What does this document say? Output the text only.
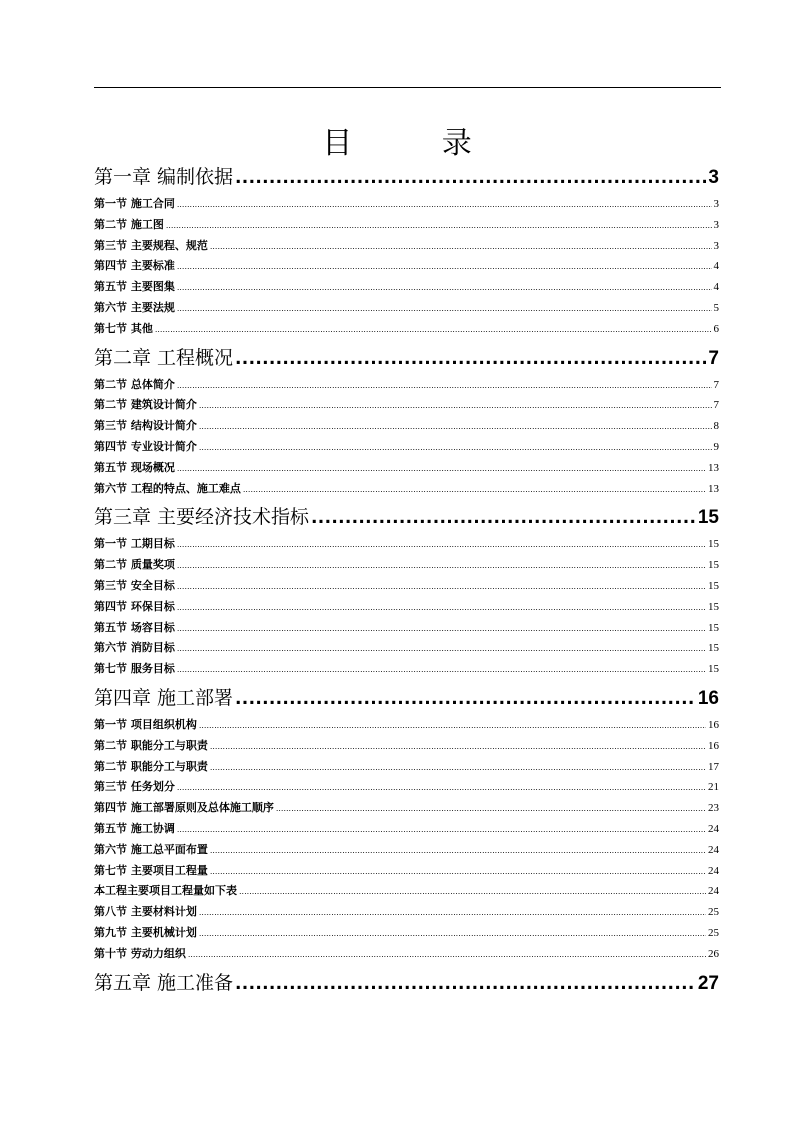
目 录
第一章 编制依据 .....	3
第一节 施工合同 .....	3
第二节 施工图 .....	3
第三节 主要规程、规范 .....	3
第四节 主要标准 .....	4
第五节 主要图集 .....	4
第六节 主要法规 .....	5
第七节 其他 .....	6
第二章 工程概况 .....	7
第二节 总体简介 .....	7
第二节 建筑设计简介 .....	7
第三节 结构设计简介 .....	8
第四节 专业设计简介 .....	9
第五节 现场概况 .....	13
第六节 工程的特点、施工难点 .....	13
第三章 主要经济技术指标 .....	15
第一节 工期目标 .....	15
第二节 质量奖项 .....	15
第三节 安全目标 .....	15
第四节 环保目标 .....	15
第五节 场容目标 .....	15
第六节 消防目标 .....	15
第七节 服务目标 .....	15
第四章 施工部署 .....	16
第一节 项目组织机构 .....	16
第二节 职能分工与职责 .....	16
第二节 职能分工与职责 .....	17
第三节 任务划分 .....	21
第四节 施工部署原则及总体施工顺序 .....	23
第五节 施工协调 .....	24
第六节 施工总平面布置 .....	24
第七节 主要项目工程量 .....	24
本工程主要项目工程量如下表 .....	24
第八节 主要材料计划 .....	25
第九节 主要机械计划 .....	25
第十节 劳动力组织 .....	26
第五章 施工准备 .....	27
